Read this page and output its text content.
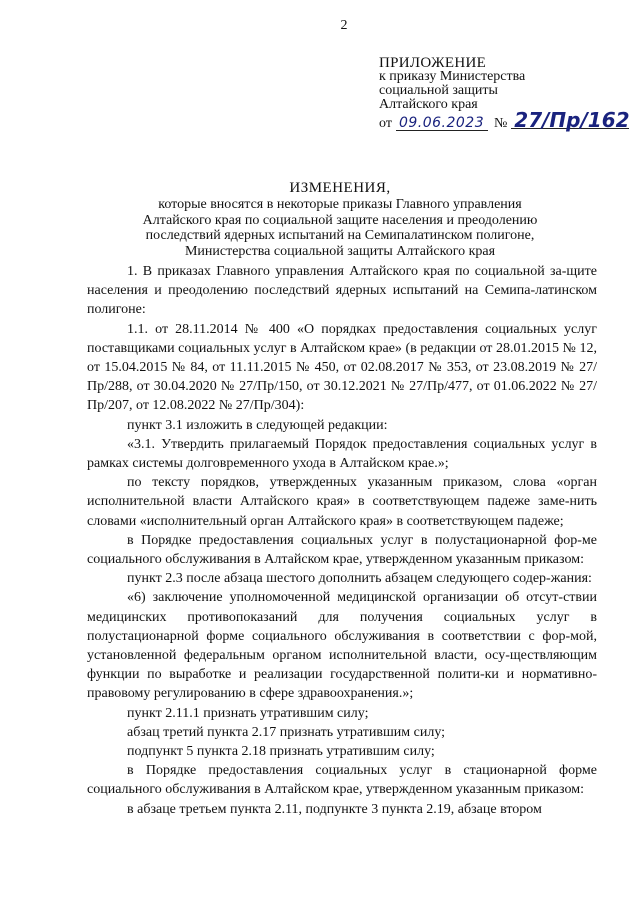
2
ПРИЛОЖЕНИЕ
к приказу Министерства
социальной защиты
Алтайского края
от 09.06.2023 № 27/Пр/162
ИЗМЕНЕНИЯ,
которые вносятся в некоторые приказы Главного управления
Алтайского края по социальной защите населения и преодолению
последствий ядерных испытаний на Семипалатинском полигоне,
Министерства социальной защиты Алтайского края

1. В приказах Главного управления Алтайского края по социальной за-щите населения и преодолению последствий ядерных испытаний на Семипа-латинском полигоне:

1.1. от 28.11.2014 № 400 «О порядках предоставления социальных услуг поставщиками социальных услуг в Алтайском крае» (в редакции от 28.01.2015 № 12, от 15.04.2015 № 84, от 11.11.2015 № 450, от 02.08.2017 № 353, от 23.08.2019 № 27/Пр/288, от 30.04.2020 № 27/Пр/150, от 30.12.2021 № 27/Пр/477, от 01.06.2022 № 27/Пр/207, от 12.08.2022 № 27/Пр/304):

пункт 3.1 изложить в следующей редакции:

«3.1. Утвердить прилагаемый Порядок предоставления социальных услуг в рамках системы долговременного ухода в Алтайском крае.»;

по тексту порядков, утвержденных указанным приказом, слова «орган исполнительной власти Алтайского края» в соответствующем падеже заме-нить словами «исполнительный орган Алтайского края» в соответствующем падеже;

в Порядке предоставления социальных услуг в полустационарной фор-ме социального обслуживания в Алтайском крае, утвержденном указанным приказом:

пункт 2.3 после абзаца шестого дополнить абзацем следующего содер-жания:

«6) заключение уполномоченной медицинской организации об отсут-ствии медицинских противопоказаний для получения социальных услуг в полустационарной форме социального обслуживания в соответствии с фор-мой, установленной федеральным органом исполнительной власти, осу-ществляющим функции по выработке и реализации государственной полити-ки и нормативно-правовому регулированию в сфере здравоохранения.»;

пункт 2.11.1 признать утратившим силу;

абзац третий пункта 2.17 признать утратившим силу;

подпункт 5 пункта 2.18 признать утратившим силу;

в Порядке предоставления социальных услуг в стационарной форме социального обслуживания в Алтайском крае, утвержденном указанным приказом:

в абзаце третьем пункта 2.11, подпункте 3 пункта 2.19, абзаце втором
